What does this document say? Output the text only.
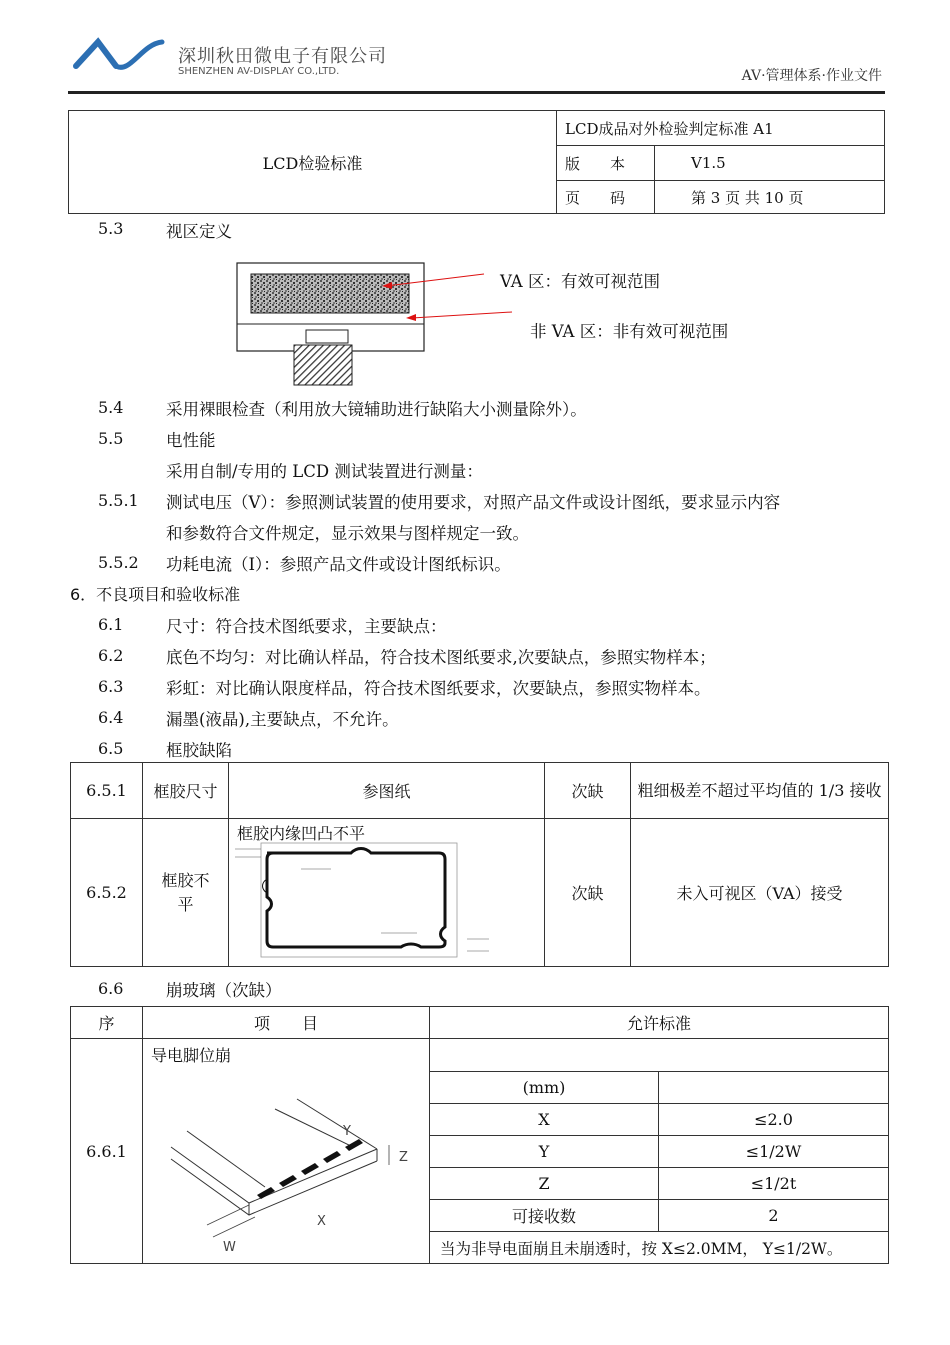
深圳秋田微电子有限公司
SHENZHEN AV-DISPLAY CO.,LTD.	AV·管理体系·作业文件
LCD检验标准	LCD成品对外检验判定标准 A1	
	版　　本	V1.5
	页　　码	第 3 页 共 10 页
5.3	视区定义
VA 区：有效可视范围
非 VA 区：非有效可视范围
5.4	采用裸眼检查（利用放大镜辅助进行缺陷大小测量除外）。
5.5	电性能
采用自制/专用的 LCD 测试装置进行测量：
5.5.1 测试电压（V）：参照测试装置的使用要求，对照产品文件或设计图纸，要求显示内容
和参数符合文件规定，显示效果与图样规定一致。
5.5.2 功耗电流（I）：参照产品文件或设计图纸标识。
6．不良项目和验收标准
6.1	尺寸：符合技术图纸要求，主要缺点：
6.2	底色不均匀：对比确认样品，符合技术图纸要求,次要缺点，参照实物样本；
6.3	彩虹：对比确认限度样品，符合技术图纸要求，次要缺点，参照实物样本。
6.4	漏墨(液晶),主要缺点，不允许。
6.5	框胶缺陷
6.5.1	框胶尺寸	参图纸	次缺	粗细极差不超过平均值的 1/3 接收
6.5.2	框胶不平	框胶内缘凹凸不平	次缺	未入可视区（VA）接受
6.6	崩玻璃（次缺）
序	项　　目	允许标准	
6.6.1	导电脚位崩
W
X
Y
Z		

		(mm)	
		X	≤2.0
		Y	≤1/2W
		Z	≤1/2t
		可接收数	2
		当为非导电面崩且未崩透时，按 X≤2.0MM， Y≤1/2W。	
